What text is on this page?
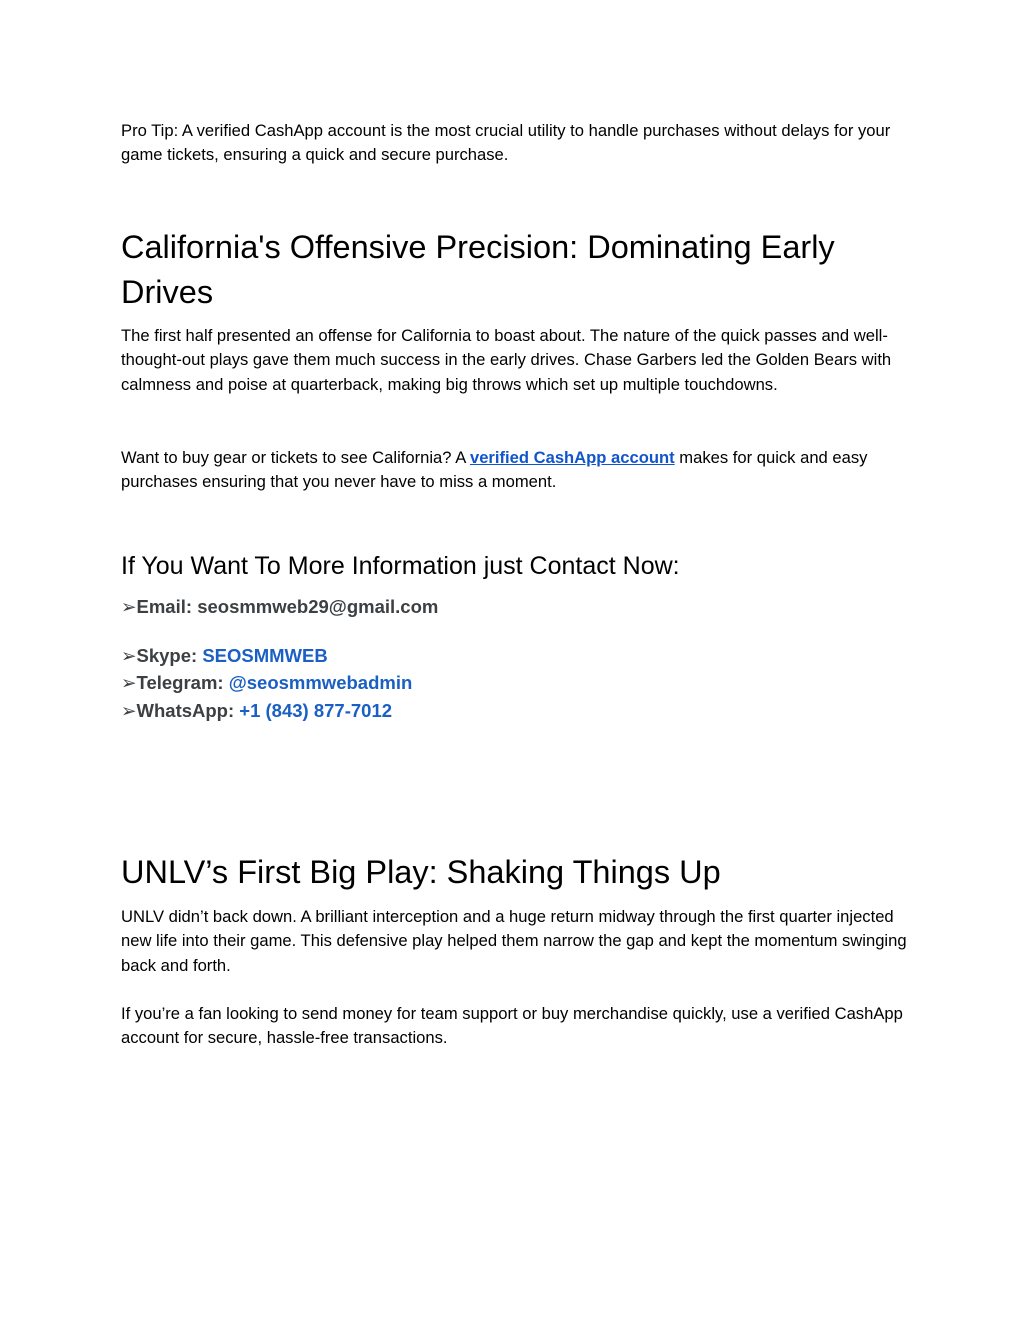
Pro Tip: A verified CashApp account is the most crucial utility to handle purchases without delays for your game tickets, ensuring a quick and secure purchase.

California's Offensive Precision: Dominating Early Drives

The first half presented an offense for California to boast about. The nature of the quick passes and well-thought-out plays gave them much success in the early drives. Chase Garbers led the Golden Bears with calmness and poise at quarterback, making big throws which set up multiple touchdowns.

Want to buy gear or tickets to see California? A verified CashApp account makes for quick and easy purchases ensuring that you never have to miss a moment.

If You Want To More Information just Contact Now:
➢Email: seosmmweb29@gmail.com
➢Skype: SEOSMMWEB
➢Telegram: @seosmmwebadmin
➢WhatsApp: +1 (843) 877-7012
UNLV’s First Big Play: Shaking Things Up

UNLV didn’t back down. A brilliant interception and a huge return midway through the first quarter injected new life into their game. This defensive play helped them narrow the gap and kept the momentum swinging back and forth.

If you’re a fan looking to send money for team support or buy merchandise quickly, use a verified CashApp account for secure, hassle-free transactions.
